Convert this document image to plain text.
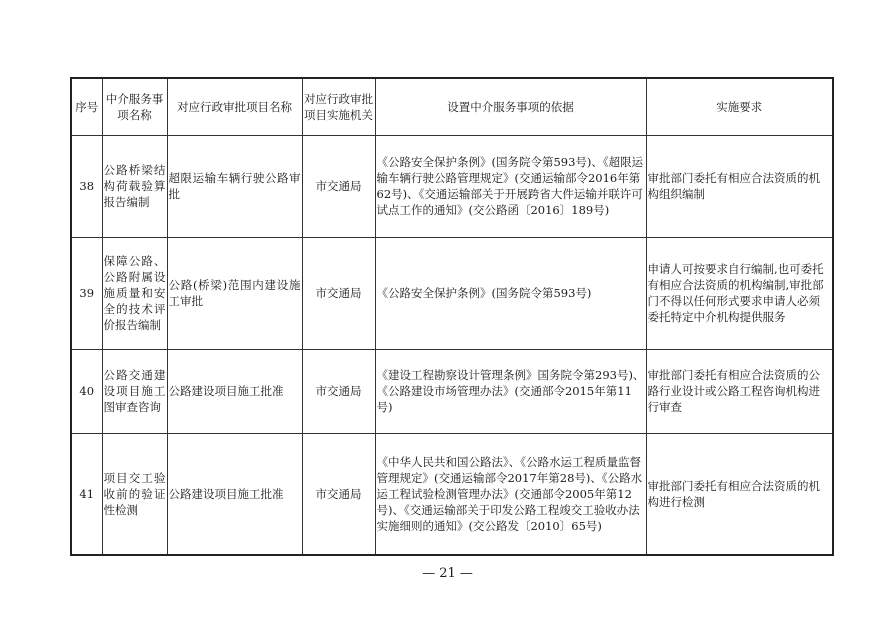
序号	中介服务事项名称	对应行政审批项目名称	对应行政审批项目实施机关	设置中介服务事项的依据	实施要求
38	公路桥梁结构荷载验算报告编制	超限运输车辆行驶公路审批	市交通局	《公路安全保护条例》(国务院令第593号)、《超限运输车辆行驶公路管理规定》(交通运输部令2016年第62号)、《交通运输部关于开展跨省大件运输并联许可试点工作的通知》(交公路函〔2016〕189号)	审批部门委托有相应合法资质的机构组织编制
39	保障公路、公路附属设施质量和安全的技术评价报告编制	公路(桥梁)范围内建设施工审批	市交通局	《公路安全保护条例》(国务院令第593号)	申请人可按要求自行编制,也可委托有相应合法资质的机构编制,审批部门不得以任何形式要求申请人必须委托特定中介机构提供服务
40	公路交通建设项目施工图审查咨询	公路建设项目施工批准	市交通局	《建设工程勘察设计管理条例》国务院令第293号)、《公路建设市场管理办法》(交通部令2015年第11号)	审批部门委托有相应合法资质的公路行业设计或公路工程咨询机构进行审查
41	项目交工验收前的验证性检测	公路建设项目施工批准	市交通局	《中华人民共和国公路法》、《公路水运工程质量监督管理规定》(交通运输部令2017年第28号)、《公路水运工程试验检测管理办法》(交通部令2005年第12号)、《交通运输部关于印发公路工程竣交工验收办法实施细则的通知》(交公路发〔2010〕65号)	审批部门委托有相应合法资质的机构进行检测
— 21 —
